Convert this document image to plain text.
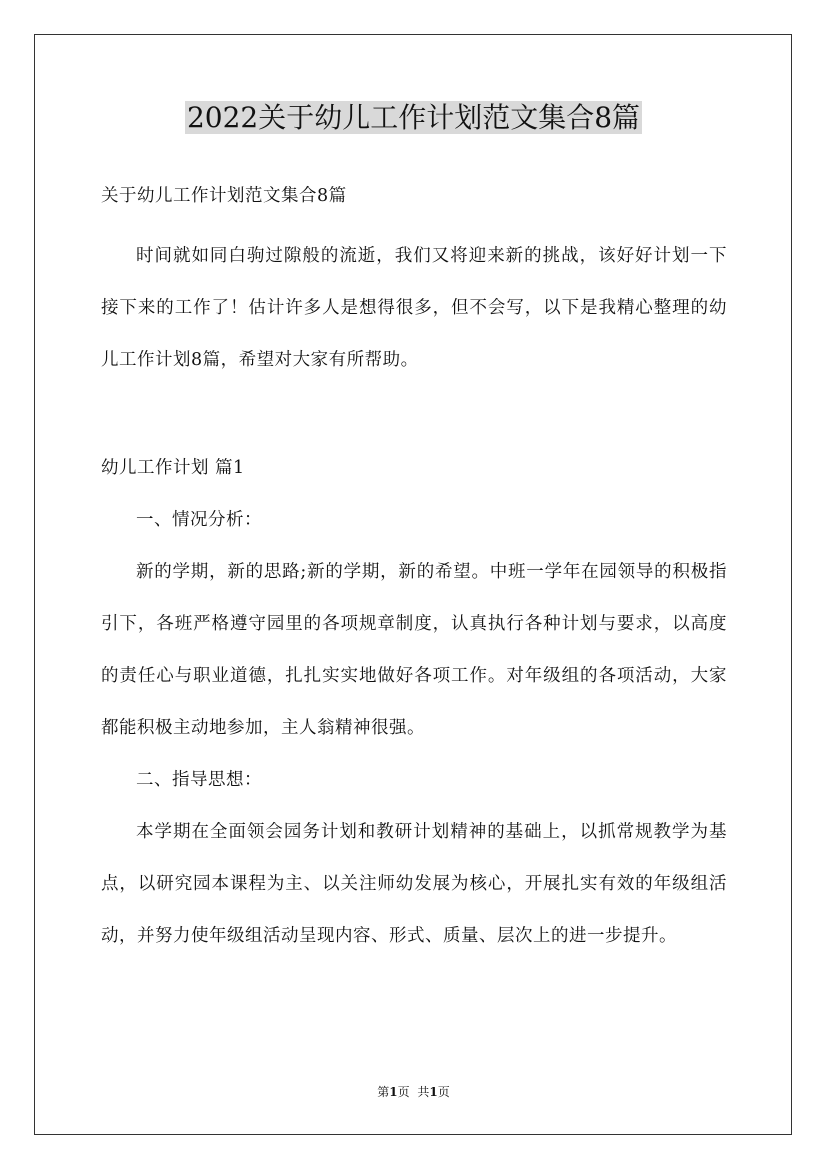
2022关于幼儿工作计划范文集合8篇

关于幼儿工作计划范文集合8篇

时间就如同白驹过隙般的流逝，我们又将迎来新的挑战，该好好计划一下接下来的工作了！估计许多人是想得很多，但不会写，以下是我精心整理的幼儿工作计划8篇，希望对大家有所帮助。

幼儿工作计划 篇1

一、情况分析：

新的学期，新的思路;新的学期，新的希望。中班一学年在园领导的积极指引下，各班严格遵守园里的各项规章制度，认真执行各种计划与要求，以高度的责任心与职业道德，扎扎实实地做好各项工作。对年级组的各项活动，大家都能积极主动地参加，主人翁精神很强。

二、指导思想：

本学期在全面领会园务计划和教研计划精神的基础上，以抓常规教学为基点，以研究园本课程为主、以关注师幼发展为核心，开展扎实有效的年级组活动，并努力使年级组活动呈现内容、形式、质量、层次上的进一步提升。

第1页 共1页
